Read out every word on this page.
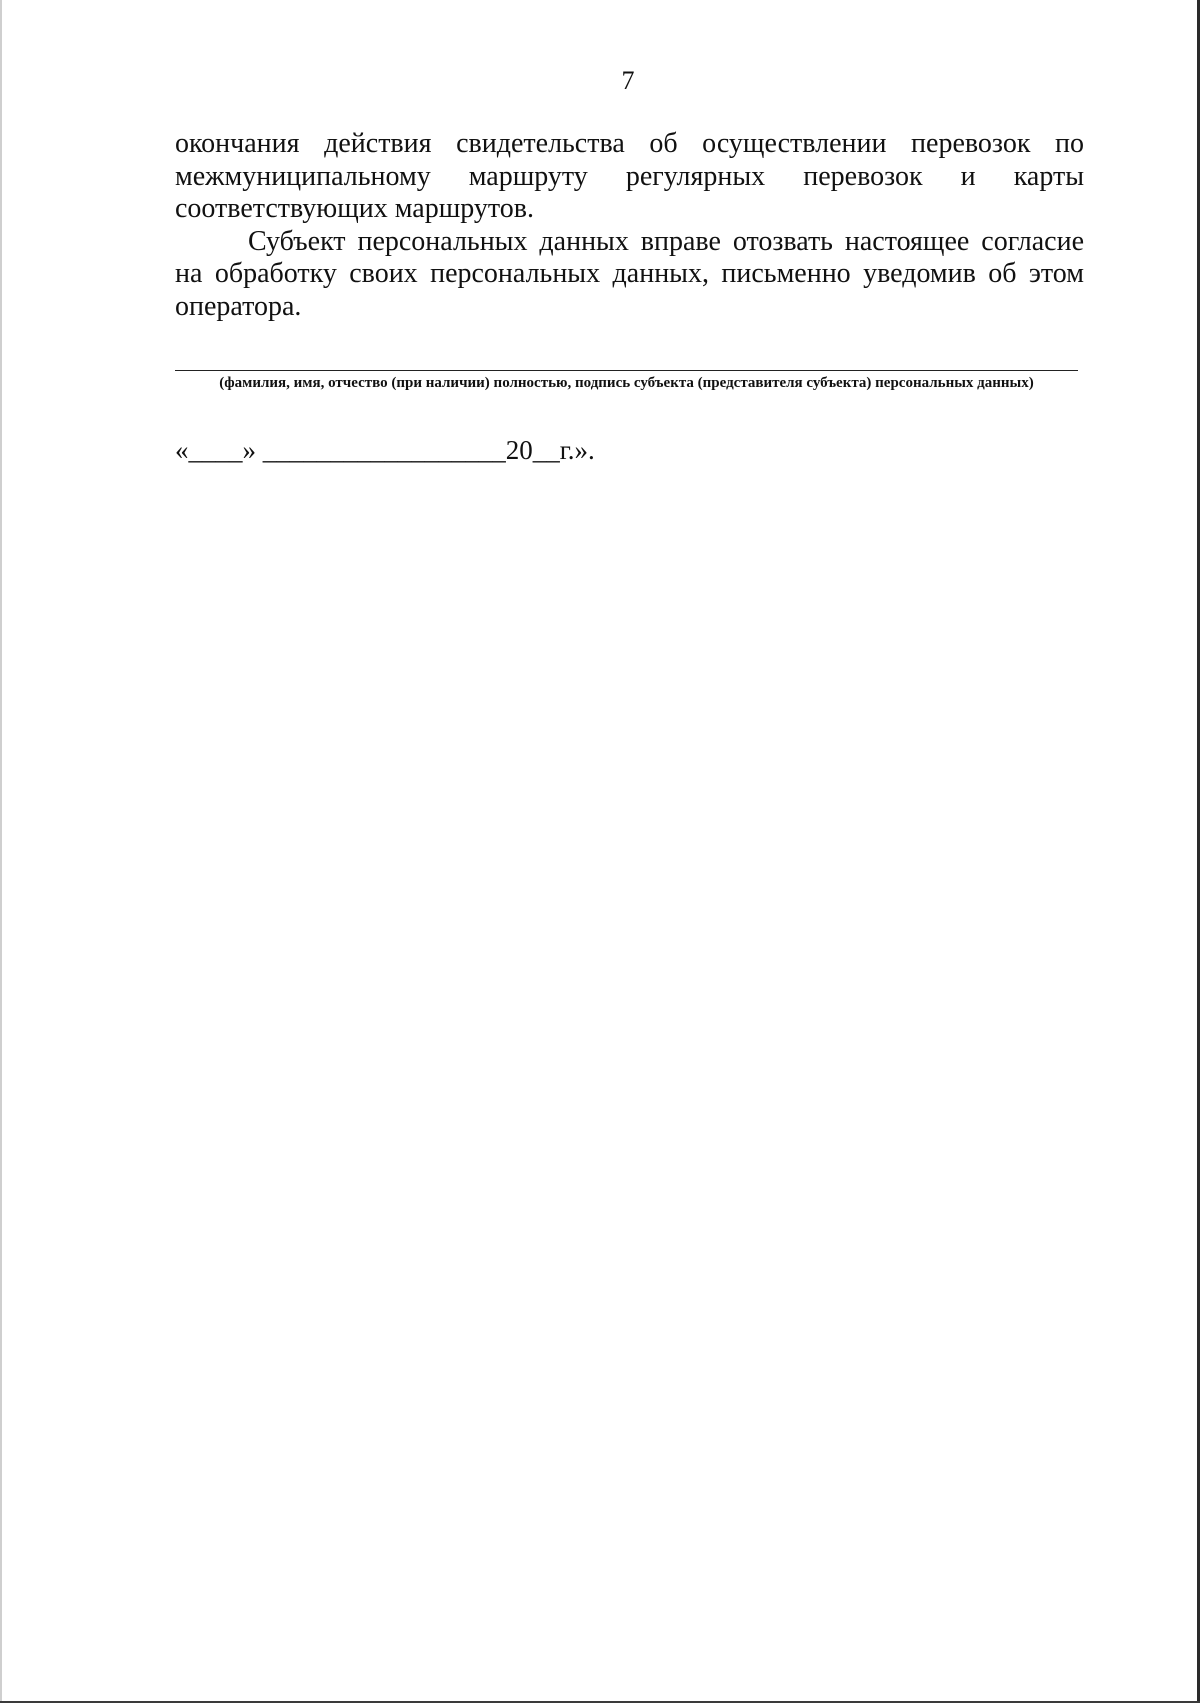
7

окончания действия свидетельства об осуществлении перевозок по межмуниципальному маршруту регулярных перевозок и карты соответствующих маршрутов.

Субъект персональных данных вправе отозвать настоящее согласие на обработку своих персональных данных, письменно уведомив об этом оператора.

(фамилия, имя, отчество (при наличии) полностью, подпись субъекта (представителя субъекта) персональных данных)
«____» __________________20__г.».
